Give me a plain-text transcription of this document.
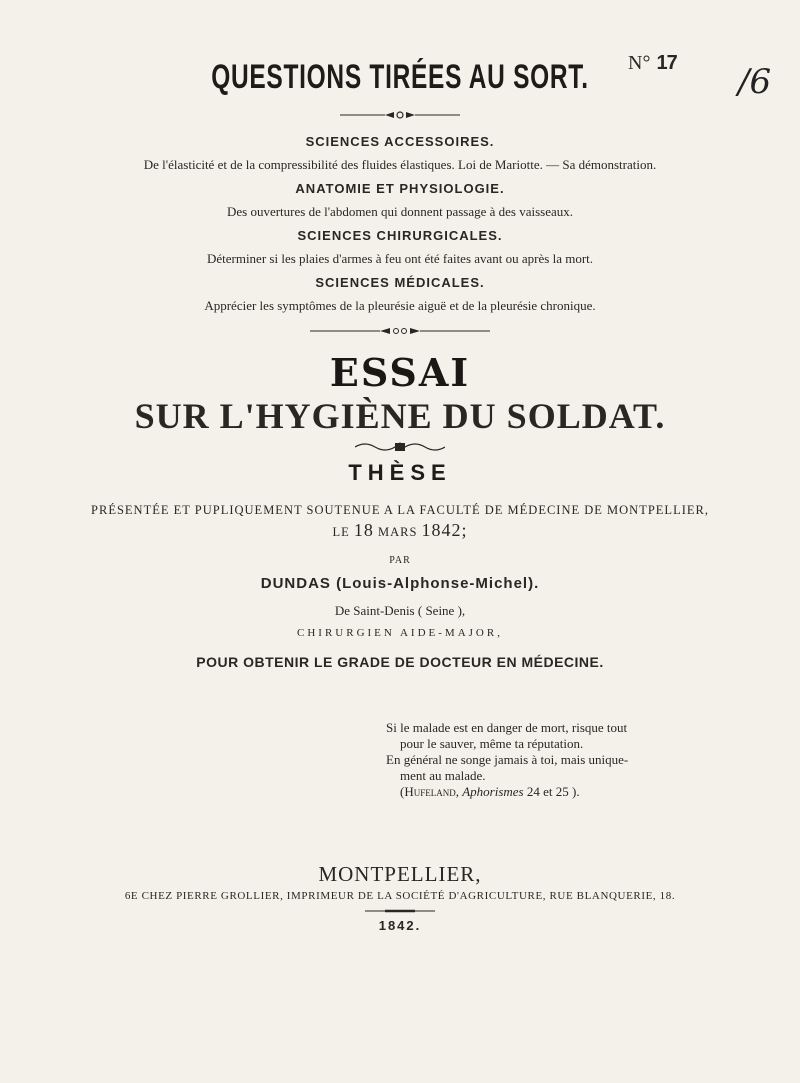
QUESTIONS TIRÉES AU SORT.	N° 17 /6
SCIENCES ACCESSOIRES.
De l'élasticité et de la compressibilité des fluides élastiques. Loi de Mariotte. — Sa démonstration.
ANATOMIE ET PHYSIOLOGIE.
Des ouvertures de l'abdomen qui donnent passage à des vaisseaux.
SCIENCES CHIRURGICALES.
Déterminer si les plaies d'armes à feu ont été faites avant ou après la mort.
SCIENCES MÉDICALES.
Apprécier les symptômes de la pleurésie aiguë et de la pleurésie chronique.
ESSAI
SUR L'HYGIÈNE DU SOLDAT.
THÈSE
PRÉSENTÉE ET PUPLIQUEMENT SOUTENUE A LA FACULTÉ DE MÉDECINE DE MONTPELLIER,
LE 18 MARS 1842;
PAR
DUNDAS (Louis-Alphonse-Michel).
De Saint-Denis ( Seine ),
CHIRURGIEN AIDE-MAJOR,
POUR OBTENIR LE GRADE DE DOCTEUR EN MÉDECINE.

Si le malade est en danger de mort, risque tout

pour le sauver, même ta réputation.

En général ne songe jamais à toi, mais unique-

ment au malade.

(Hufeland, Aphorismes 24 et 25 ).

MONTPELLIER,
6E CHEZ PIERRE GROLLIER, IMPRIMEUR DE LA SOCIÉTÉ D'AGRICULTURE, RUE BLANQUERIE, 18.
1842.
